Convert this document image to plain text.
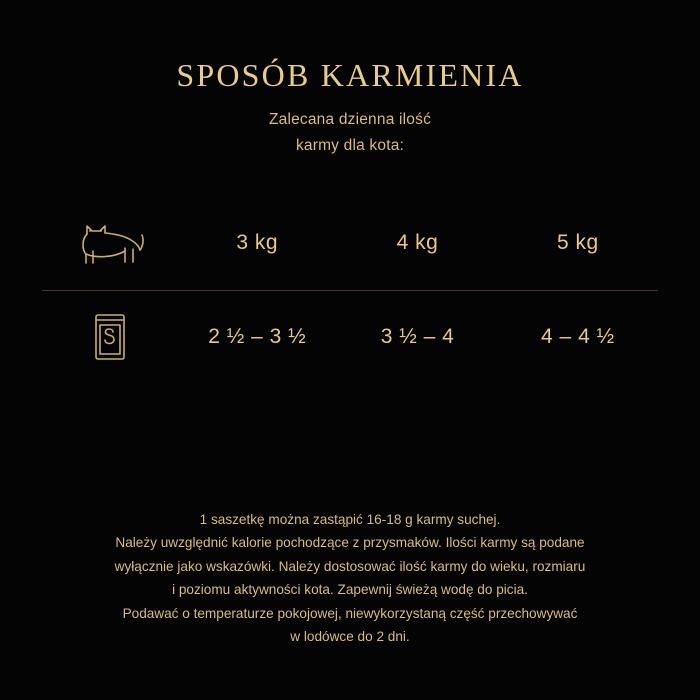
SPOSÓB KARMIENIA
Zalecana dzienna ilość
karmy dla kota:
	3 kg	4 kg	5 kg

	2 ½ – 3 ½	3 ½ – 4	4 – 4 ½

1 saszetkę można zastąpić 16-18 g karmy suchej.

Należy uwzględnić kalorie pochodzące z przysmaków. Ilości karmy są podane

wyłącznie jako wskazówki. Należy dostosować ilość karmy do wieku, rozmiaru

i poziomu aktywności kota. Zapewnij świeżą wodę do picia.

Podawać o temperaturze pokojowej, niewykorzystaną część przechowywać

w lodówce do 2 dni.
